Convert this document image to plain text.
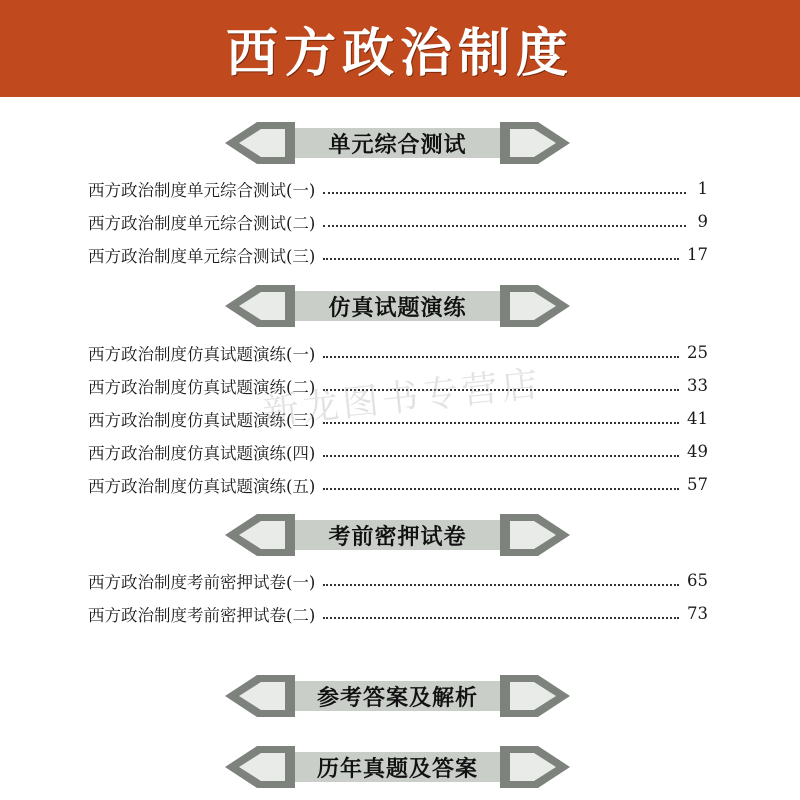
西方政治制度
单元综合测试
西方政治制度单元综合测试(一)	1
西方政治制度单元综合测试(二)	9
西方政治制度单元综合测试(三)	17
仿真试题演练
西方政治制度仿真试题演练(一)	25
西方政治制度仿真试题演练(二)	33
西方政治制度仿真试题演练(三)	41
西方政治制度仿真试题演练(四)	49
西方政治制度仿真试题演练(五)	57
考前密押试卷
西方政治制度考前密押试卷(一)	65
西方政治制度考前密押试卷(二)	73
参考答案及解析
历年真题及答案
新龙图书专营店
